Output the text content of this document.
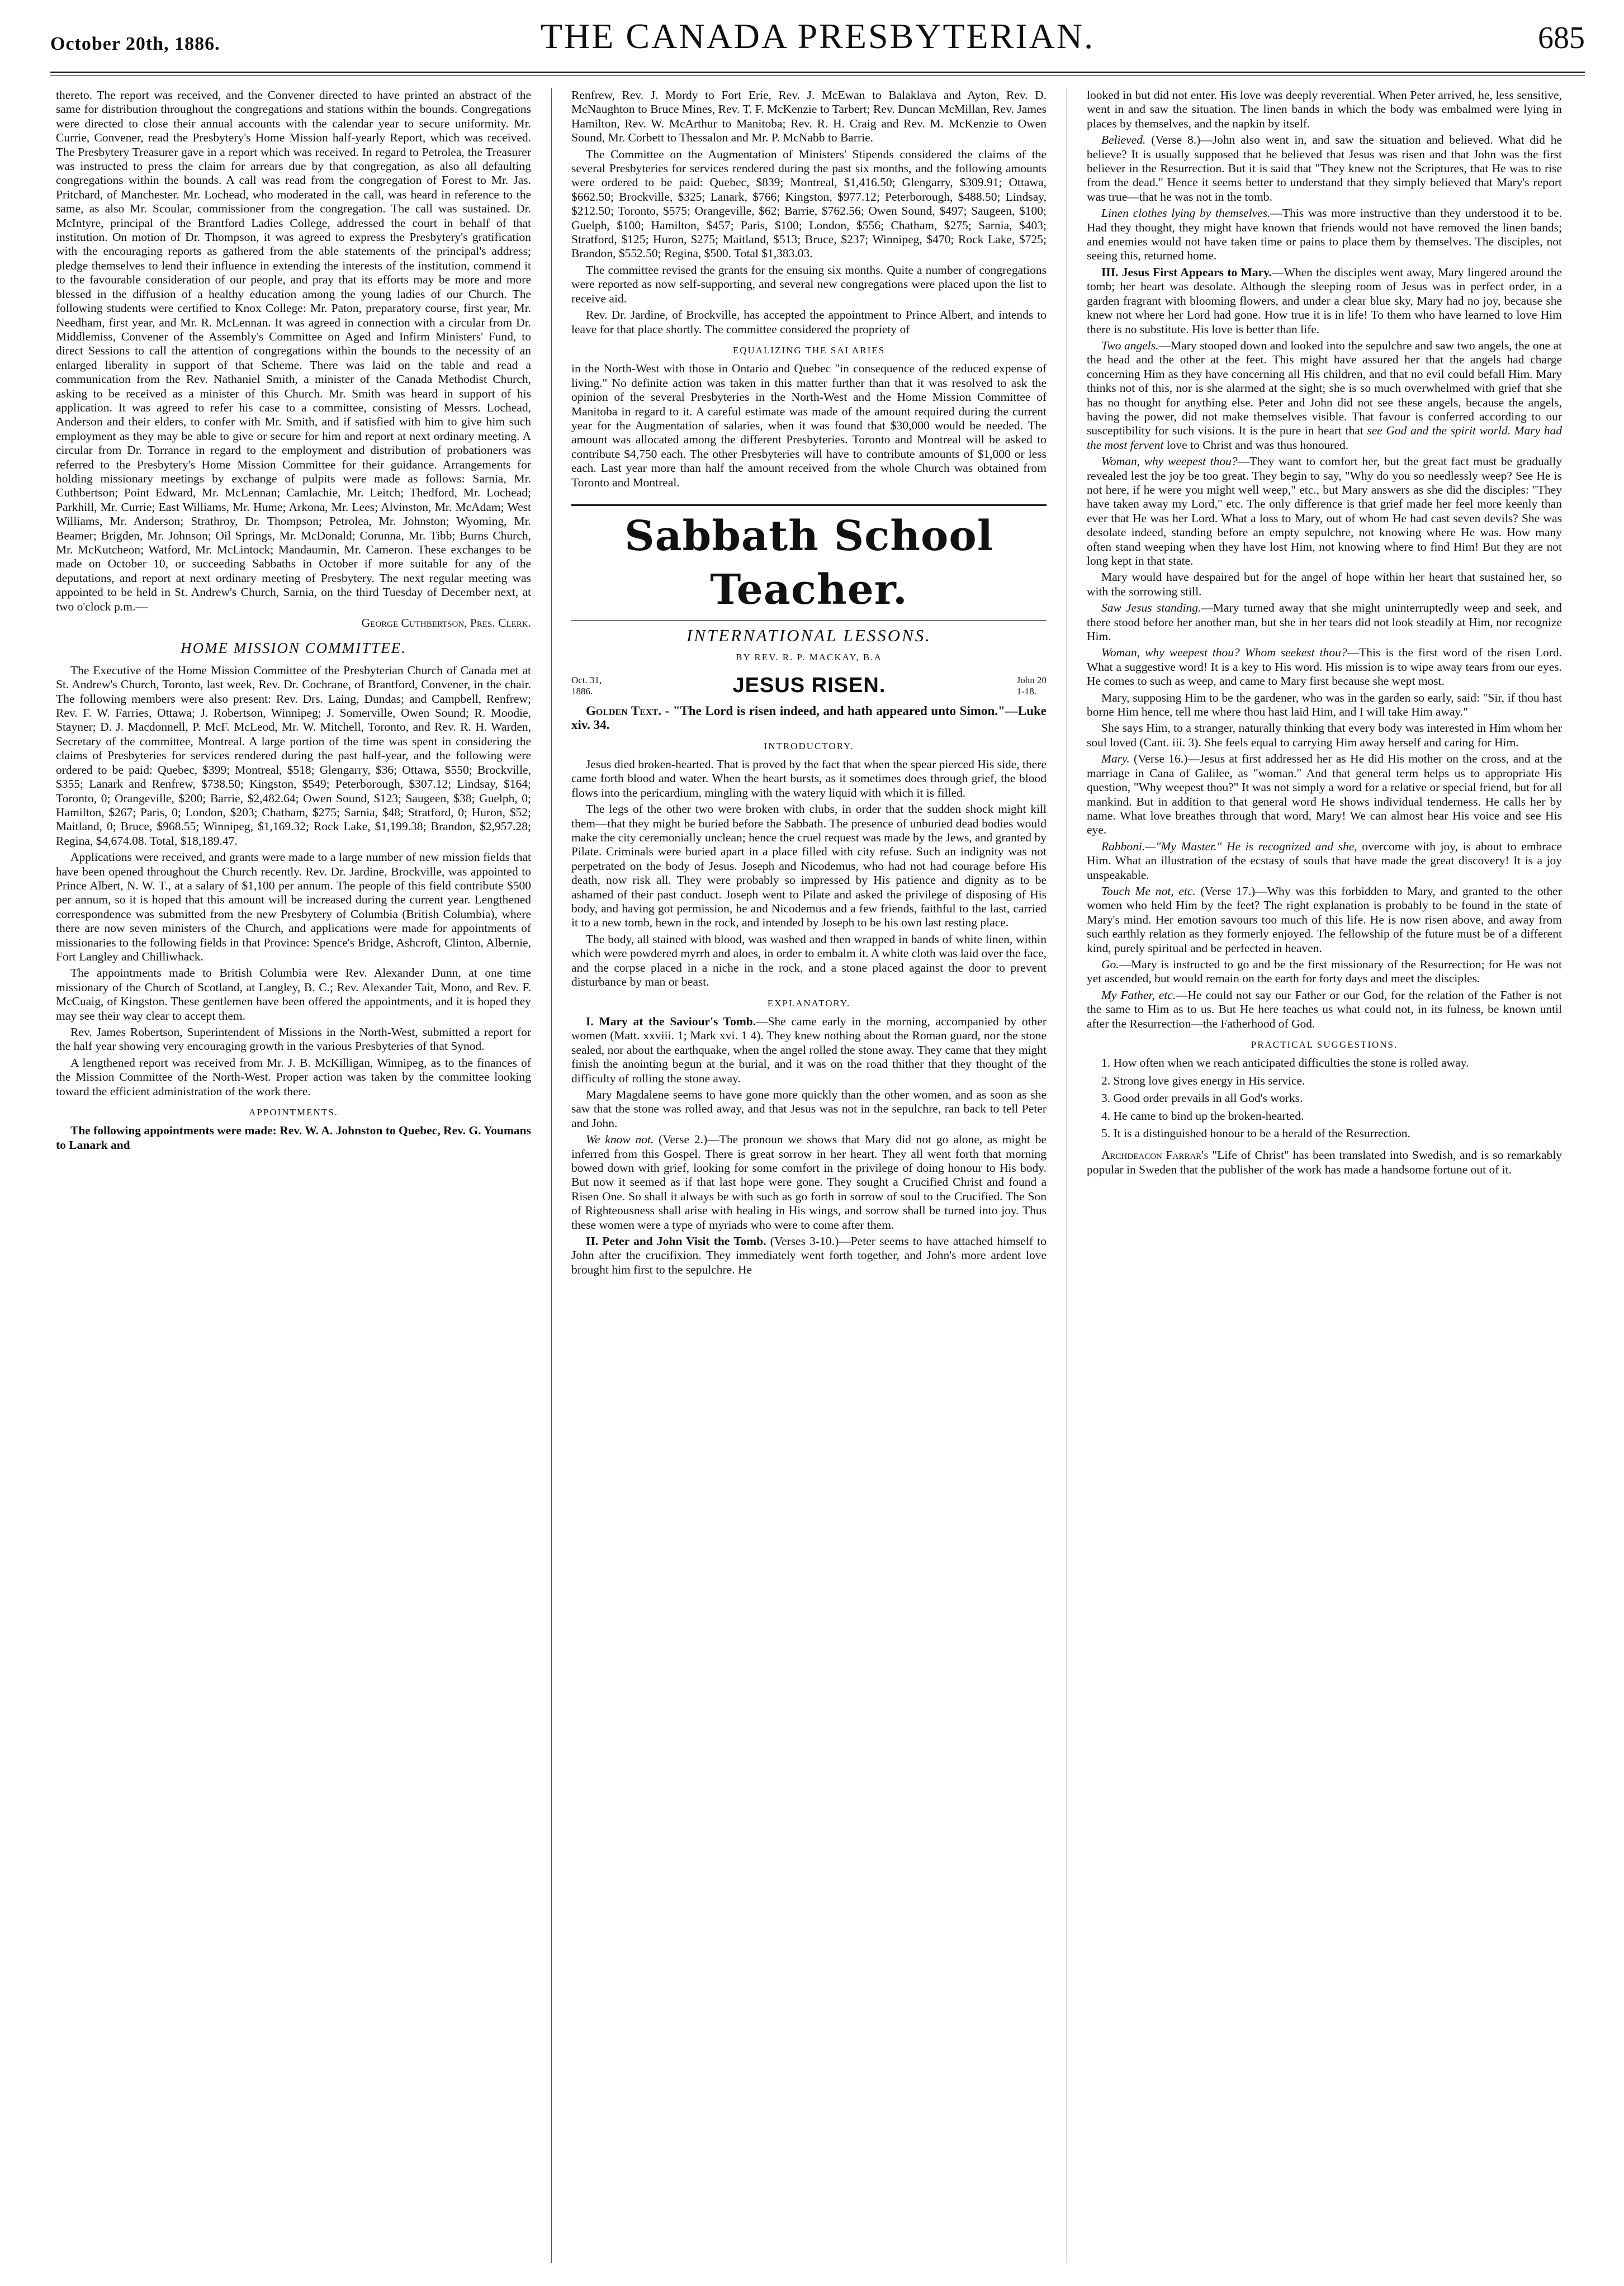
October 20th, 1886.	THE CANADA PRESBYTERIAN.	685

thereto. The report was received, and the Convener directed to have printed an abstract of the same for distribution throughout the congregations and stations within the bounds. Congregations were directed to close their annual accounts with the calendar year to secure uniformity. Mr. Currie, Convener, read the Presbytery's Home Mission half-yearly Report, which was received. The Presbytery Treasurer gave in a report which was received. In regard to Petrolea, the Treasurer was instructed to press the claim for arrears due by that congregation, as also all defaulting congregations within the bounds. A call was read from the congregation of Forest to Mr. Jas. Pritchard, of Manchester. Mr. Lochead, who moderated in the call, was heard in reference to the same, as also Mr. Scoular, commissioner from the congregation. The call was sustained. Dr. McIntyre, principal of the Brantford Ladies College, addressed the court in behalf of that institution. On motion of Dr. Thompson, it was agreed to express the Presbytery's gratification with the encouraging reports as gathered from the able statements of the principal's address; pledge themselves to lend their influence in extending the interests of the institution, commend it to the favourable consideration of our people, and pray that its efforts may be more and more blessed in the diffusion of a healthy education among the young ladies of our Church. The following students were certified to Knox College: Mr. Paton, preparatory course, first year, Mr. Needham, first year, and Mr. R. McLennan. It was agreed in connection with a circular from Dr. Middlemiss, Convener of the Assembly's Committee on Aged and Infirm Ministers' Fund, to direct Sessions to call the attention of congregations within the bounds to the necessity of an enlarged liberality in support of that Scheme. There was laid on the table and read a communication from the Rev. Nathaniel Smith, a minister of the Canada Methodist Church, asking to be received as a minister of this Church. Mr. Smith was heard in support of his application. It was agreed to refer his case to a committee, consisting of Messrs. Lochead, Anderson and their elders, to confer with Mr. Smith, and if satisfied with him to give him such employment as they may be able to give or secure for him and report at next ordinary meeting. A circular from Dr. Torrance in regard to the employment and distribution of probationers was referred to the Presbytery's Home Mission Committee for their guidance. Arrangements for holding missionary meetings by exchange of pulpits were made as follows: Sarnia, Mr. Cuthbertson; Point Edward, Mr. McLennan; Camlachie, Mr. Leitch; Thedford, Mr. Lochead; Parkhill, Mr. Currie; East Williams, Mr. Hume; Arkona, Mr. Lees; Alvinston, Mr. McAdam; West Williams, Mr. Anderson; Strathroy, Dr. Thompson; Petrolea, Mr. Johnston; Wyoming, Mr. Beamer; Brigden, Mr. Johnson; Oil Springs, Mr. McDonald; Corunna, Mr. Tibb; Burns Church, Mr. McKutcheon; Watford, Mr. McLintock; Mandaumin, Mr. Cameron. These exchanges to be made on October 10, or succeeding Sabbaths in October if more suitable for any of the deputations, and report at next ordinary meeting of Presbytery. The next regular meeting was appointed to be held in St. Andrew's Church, Sarnia, on the third Tuesday of December next, at two o'clock p.m.—

George Cuthbertson, Pres. Clerk.

HOME MISSION COMMITTEE.

The Executive of the Home Mission Committee of the Presbyterian Church of Canada met at St. Andrew's Church, Toronto, last week, Rev. Dr. Cochrane, of Brantford, Convener, in the chair. The following members were also present: Rev. Drs. Laing, Dundas; and Campbell, Renfrew; Rev. F. W. Farries, Ottawa; J. Robertson, Winnipeg; J. Somerville, Owen Sound; R. Moodie, Stayner; D. J. Macdonnell, P. McF. McLeod, Mr. W. Mitchell, Toronto, and Rev. R. H. Warden, Secretary of the committee, Montreal. A large portion of the time was spent in considering the claims of Presbyteries for services rendered during the past half-year, and the following were ordered to be paid: Quebec, $399; Montreal, $518; Glengarry, $36; Ottawa, $550; Brockville, $355; Lanark and Renfrew, $738.50; Kingston, $549; Peterborough, $307.12; Lindsay, $164; Toronto, 0; Orangeville, $200; Barrie, $2,482.64; Owen Sound, $123; Saugeen, $38; Guelph, 0; Hamilton, $267; Paris, 0; London, $203; Chatham, $275; Sarnia, $48; Stratford, 0; Huron, $52; Maitland, 0; Bruce, $968.55; Winnipeg, $1,169.32; Rock Lake, $1,199.38; Brandon, $2,957.28; Regina, $4,674.08. Total, $18,189.47.

Applications were received, and grants were made to a large number of new mission fields that have been opened throughout the Church recently. Rev. Dr. Jardine, Brockville, was appointed to Prince Albert, N. W. T., at a salary of $1,100 per annum. The people of this field contribute $500 per annum, so it is hoped that this amount will be increased during the current year. Lengthened correspondence was submitted from the new Presbytery of Columbia (British Columbia), where there are now seven ministers of the Church, and applications were made for appointments of missionaries to the following fields in that Province: Spence's Bridge, Ashcroft, Clinton, Albernie, Fort Langley and Chilliwhack.

The appointments made to British Columbia were Rev. Alexander Dunn, at one time missionary of the Church of Scotland, at Langley, B. C.; Rev. Alexander Tait, Mono, and Rev. F. McCuaig, of Kingston. These gentlemen have been offered the appointments, and it is hoped they may see their way clear to accept them.

Rev. James Robertson, Superintendent of Missions in the North-West, submitted a report for the half year showing very encouraging growth in the various Presbyteries of that Synod.

A lengthened report was received from Mr. J. B. McKilligan, Winnipeg, as to the finances of the Mission Committee of the North-West. Proper action was taken by the committee looking toward the efficient administration of the work there.

APPOINTMENTS.

The following appointments were made: Rev. W. A. Johnston to Quebec, Rev. G. Youmans to Lanark and

Renfrew, Rev. J. Mordy to Fort Erie, Rev. J. McEwan to Balaklava and Ayton, Rev. D. McNaughton to Bruce Mines, Rev. T. F. McKenzie to Tarbert; Rev. Duncan McMillan, Rev. James Hamilton, Rev. W. McArthur to Manitoba; Rev. R. H. Craig and Rev. M. McKenzie to Owen Sound, Mr. Corbett to Thessalon and Mr. P. McNabb to Barrie.

The Committee on the Augmentation of Ministers' Stipends considered the claims of the several Presbyteries for services rendered during the past six months, and the following amounts were ordered to be paid: Quebec, $839; Montreal, $1,416.50; Glengarry, $309.91; Ottawa, $662.50; Brockville, $325; Lanark, $766; Kingston, $977.12; Peterborough, $488.50; Lindsay, $212.50; Toronto, $575; Orangeville, $62; Barrie, $762.56; Owen Sound, $497; Saugeen, $100; Guelph, $100; Hamilton, $457; Paris, $100; London, $556; Chatham, $275; Sarnia, $403; Stratford, $125; Huron, $275; Maitland, $513; Bruce, $237; Winnipeg, $470; Rock Lake, $725; Brandon, $552.50; Regina, $500. Total $1,383.03.

The committee revised the grants for the ensuing six months. Quite a number of congregations were reported as now self-supporting, and several new congregations were placed upon the list to receive aid.

Rev. Dr. Jardine, of Brockville, has accepted the appointment to Prince Albert, and intends to leave for that place shortly. The committee considered the propriety of

EQUALIZING THE SALARIES

in the North-West with those in Ontario and Quebec "in consequence of the reduced expense of living." No definite action was taken in this matter further than that it was resolved to ask the opinion of the several Presbyteries in the North-West and the Home Mission Committee of Manitoba in regard to it. A careful estimate was made of the amount required during the current year for the Augmentation of salaries, when it was found that $30,000 would be needed. The amount was allocated among the different Presbyteries. Toronto and Montreal will be asked to contribute $4,750 each. The other Presbyteries will have to contribute amounts of $1,000 or less each. Last year more than half the amount received from the whole Church was obtained from Toronto and Montreal.

Sabbath School Teacher.
INTERNATIONAL LESSONS.
BY REV. R. P. MACKAY, B.A
Oct. 31,
1886.	JESUS RISEN.	John 20
1-18.

Golden Text. - "The Lord is risen indeed, and hath appeared unto Simon."—Luke xiv. 34.

INTRODUCTORY.

Jesus died broken-hearted. That is proved by the fact that when the spear pierced His side, there came forth blood and water. When the heart bursts, as it sometimes does through grief, the blood flows into the pericardium, mingling with the watery liquid with which it is filled.

The legs of the other two were broken with clubs, in order that the sudden shock might kill them—that they might be buried before the Sabbath. The presence of unburied dead bodies would make the city ceremonially unclean; hence the cruel request was made by the Jews, and granted by Pilate. Criminals were buried apart in a place filled with city refuse. Such an indignity was not perpetrated on the body of Jesus. Joseph and Nicodemus, who had not had courage before His death, now risk all. They were probably so impressed by His patience and dignity as to be ashamed of their past conduct. Joseph went to Pilate and asked the privilege of disposing of His body, and having got permission, he and Nicodemus and a few friends, faithful to the last, carried it to a new tomb, hewn in the rock, and intended by Joseph to be his own last resting place.

The body, all stained with blood, was washed and then wrapped in bands of white linen, within which were powdered myrrh and aloes, in order to embalm it. A white cloth was laid over the face, and the corpse placed in a niche in the rock, and a stone placed against the door to prevent disturbance by man or beast.

EXPLANATORY.

I. Mary at the Saviour's Tomb.—She came early in the morning, accompanied by other women (Matt. xxviii. 1; Mark xvi. 1 4). They knew nothing about the Roman guard, nor the stone sealed, nor about the earthquake, when the angel rolled the stone away. They came that they might finish the anointing begun at the burial, and it was on the road thither that they thought of the difficulty of rolling the stone away.

Mary Magdalene seems to have gone more quickly than the other women, and as soon as she saw that the stone was rolled away, and that Jesus was not in the sepulchre, ran back to tell Peter and John.

We know not. (Verse 2.)—The pronoun we shows that Mary did not go alone, as might be inferred from this Gospel. There is great sorrow in her heart. They all went forth that morning bowed down with grief, looking for some comfort in the privilege of doing honour to His body. But now it seemed as if that last hope were gone. They sought a Crucified Christ and found a Risen One. So shall it always be with such as go forth in sorrow of soul to the Crucified. The Son of Righteousness shall arise with healing in His wings, and sorrow shall be turned into joy. Thus these women were a type of myriads who were to come after them.

II. Peter and John Visit the Tomb. (Verses 3-10.)—Peter seems to have attached himself to John after the crucifixion. They immediately went forth together, and John's more ardent love brought him first to the sepulchre. He

looked in but did not enter. His love was deeply reverential. When Peter arrived, he, less sensitive, went in and saw the situation. The linen bands in which the body was embalmed were lying in places by themselves, and the napkin by itself.

Believed. (Verse 8.)—John also went in, and saw the situation and believed. What did he believe? It is usually supposed that he believed that Jesus was risen and that John was the first believer in the Resurrection. But it is said that "They knew not the Scriptures, that He was to rise from the dead." Hence it seems better to understand that they simply believed that Mary's report was true—that he was not in the tomb.

Linen clothes lying by themselves.—This was more instructive than they understood it to be. Had they thought, they might have known that friends would not have removed the linen bands; and enemies would not have taken time or pains to place them by themselves. The disciples, not seeing this, returned home.

III. Jesus First Appears to Mary.—When the disciples went away, Mary lingered around the tomb; her heart was desolate. Although the sleeping room of Jesus was in perfect order, in a garden fragrant with blooming flowers, and under a clear blue sky, Mary had no joy, because she knew not where her Lord had gone. How true it is in life! To them who have learned to love Him there is no substitute. His love is better than life.

Two angels.—Mary stooped down and looked into the sepulchre and saw two angels, the one at the head and the other at the feet. This might have assured her that the angels had charge concerning Him as they have concerning all His children, and that no evil could befall Him. Mary thinks not of this, nor is she alarmed at the sight; she is so much overwhelmed with grief that she has no thought for anything else. Peter and John did not see these angels, because the angels, having the power, did not make themselves visible. That favour is conferred according to our susceptibility for such visions. It is the pure in heart that see God and the spirit world. Mary had the most fervent love to Christ and was thus honoured.

Woman, why weepest thou?—They want to comfort her, but the great fact must be gradually revealed lest the joy be too great. They begin to say, "Why do you so needlessly weep? See He is not here, if he were you might well weep," etc., but Mary answers as she did the disciples: "They have taken away my Lord," etc. The only difference is that grief made her feel more keenly than ever that He was her Lord. What a loss to Mary, out of whom He had cast seven devils? She was desolate indeed, standing before an empty sepulchre, not knowing where He was. How many often stand weeping when they have lost Him, not knowing where to find Him! But they are not long kept in that state.

Mary would have despaired but for the angel of hope within her heart that sustained her, so with the sorrowing still.

Saw Jesus standing.—Mary turned away that she might uninterruptedly weep and seek, and there stood before her another man, but she in her tears did not look steadily at Him, nor recognize Him.

Woman, why weepest thou? Whom seekest thou?—This is the first word of the risen Lord. What a suggestive word! It is a key to His word. His mission is to wipe away tears from our eyes. He comes to such as weep, and came to Mary first because she wept most.

Mary, supposing Him to be the gardener, who was in the garden so early, said: "Sir, if thou hast borne Him hence, tell me where thou hast laid Him, and I will take Him away."

She says Him, to a stranger, naturally thinking that every body was interested in Him whom her soul loved (Cant. iii. 3). She feels equal to carrying Him away herself and caring for Him.

Mary. (Verse 16.)—Jesus at first addressed her as He did His mother on the cross, and at the marriage in Cana of Galilee, as "woman." And that general term helps us to appropriate His question, "Why weepest thou?" It was not simply a word for a relative or special friend, but for all mankind. But in addition to that general word He shows individual tenderness. He calls her by name. What love breathes through that word, Mary! We can almost hear His voice and see His eye.

Rabboni.—"My Master." He is recognized and she, overcome with joy, is about to embrace Him. What an illustration of the ecstasy of souls that have made the great discovery! It is a joy unspeakable.

Touch Me not, etc. (Verse 17.)—Why was this forbidden to Mary, and granted to the other women who held Him by the feet? The right explanation is probably to be found in the state of Mary's mind. Her emotion savours too much of this life. He is now risen above, and away from such earthly relation as they formerly enjoyed. The fellowship of the future must be of a different kind, purely spiritual and be perfected in heaven.

Go.—Mary is instructed to go and be the first missionary of the Resurrection; for He was not yet ascended, but would remain on the earth for forty days and meet the disciples.

My Father, etc.—He could not say our Father or our God, for the relation of the Father is not the same to Him as to us. But He here teaches us what could not, in its fulness, be known until after the Resurrection—the Fatherhood of God.

PRACTICAL SUGGESTIONS.

1. How often when we reach anticipated difficulties the stone is rolled away.

2. Strong love gives energy in His service.

3. Good order prevails in all God's works.

4. He came to bind up the broken-hearted.

5. It is a distinguished honour to be a herald of the Resurrection.

Archdeacon Farrar's "Life of Christ" has been translated into Swedish, and is so remarkably popular in Sweden that the publisher of the work has made a handsome fortune out of it.
